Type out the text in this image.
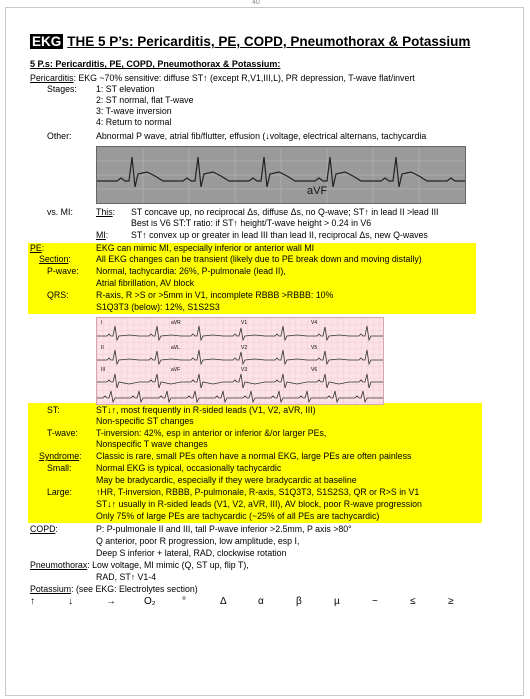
40
EKG THE 5 P’s: Pericarditis, PE, COPD, Pneumothorax & Potassium
5 P.s: Pericarditis, PE, COPD, Pneumothorax & Potassium:
Pericarditis: EKG ~70% sensitive: diffuse ST↑ (except R,V1,III,L), PR depression, T-wave flat/invert
Stages: 1: ST elevation
2: ST normal, flat T-wave
3: T-wave inversion
4: Return to normal
Other:	Abnormal P wave, atrial fib/flutter, effusion (↓voltage, electrical alternans, tachycardia
aVF
vs. MI:	This: ST concave up, no reciprocal Δs, diffuse Δs, no Q-wave; ST↑ in lead II >lead III
Best is V6 ST:T ratio: if ST↑ height/T-wave height > 0.24 in V6
MI:	ST↑ convex up or greater in lead III than lead II, reciprocal Δs, new Q-waves
PE:	EKG can mimic MI, especially inferior or anterior wall MI
Section:	All EKG changes can be transient (likely due to PE break down and moving distally)
P-wave: Normal, tachycardia: 26%, P-pulmonale (lead II),
Atrial fibrillation, AV block
QRS:	R-axis, R >S or >5mm in V1, incomplete RBBB >RBBB: 10%
S1Q3T3 (below): 12%, S1S2S3
I	aVR	V1	V4
II	aVL	V2	V5
III	aVF	V3	V6
ST:	ST↓↑, most frequently in R-sided leads (V1, V2, aVR, III)
Non-specific ST changes
T-wave: T-inversion: 42%, esp in anterior or inferior &/or larger PEs,
Nonspecific T wave changes
Syndrome: Classic is rare, small PEs often have a normal EKG, large PEs are often painless
Small:	Normal EKG is typical, occasionally tachycardic
May be bradycardic, especially if they were bradycardic at baseline
Large:	↑HR, T-inversion, RBBB, P-pulmonale, R-axis, S1Q3T3, S1S2S3, QR or R>S in V1
ST↓↑ usually in R-sided leads (V1, V2, aVR, III), AV block, poor R-wave progression
Only 75% of large PEs are tachycardic (~25% of all PEs are tachycardic)
COPD:	P: P-pulmonale II and III, tall P-wave inferior >2.5mm, P axis >80°
Q anterior, poor R progression, low amplitude, esp I,
Deep S inferior + lateral, RAD, clockwise rotation
Pneumothorax: Low voltage, MI mimic (Q, ST up, flip T),
RAD, ST↑ V1-4
Potassium: (see EKG: Electrolytes section)
↑	↓	→	O₂	°	Δ	α	β	µ	~	≤	≥
